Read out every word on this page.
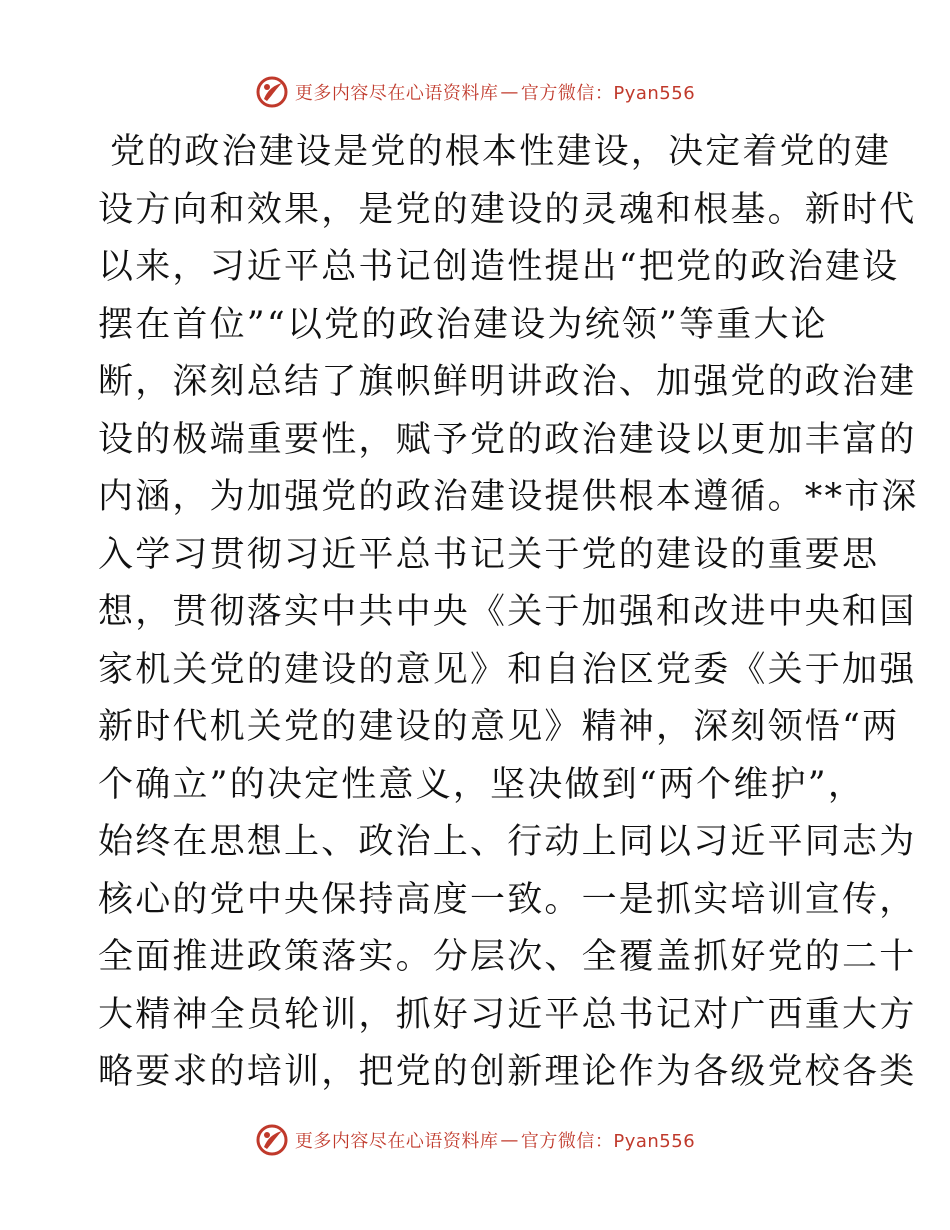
更多内容尽在心语资料库 — 官方微信：Pyan556
党的政治建设是党的根本性建设，决定着党的建
设方向和效果，是党的建设的灵魂和根基。新时代
以来，习近平总书记创造性提出“把党的政治建设
摆在首位”“以党的政治建设为统领”等重大论
断，深刻总结了旗帜鲜明讲政治、加强党的政治建
设的极端重要性，赋予党的政治建设以更加丰富的
内涵，为加强党的政治建设提供根本遵循。**市深
入学习贯彻习近平总书记关于党的建设的重要思
想，贯彻落实中共中央《关于加强和改进中央和国
家机关党的建设的意见》和自治区党委《关于加强
新时代机关党的建设的意见》精神，深刻领悟“两
个确立”的决定性意义，坚决做到“两个维护”，
始终在思想上、政治上、行动上同以习近平同志为
核心的党中央保持高度一致。一是抓实培训宣传，
全面推进政策落实。分层次、全覆盖抓好党的二十
大精神全员轮训，抓好习近平总书记对广西重大方
略要求的培训，把党的创新理论作为各级党校各类
更多内容尽在心语资料库 — 官方微信：Pyan556
